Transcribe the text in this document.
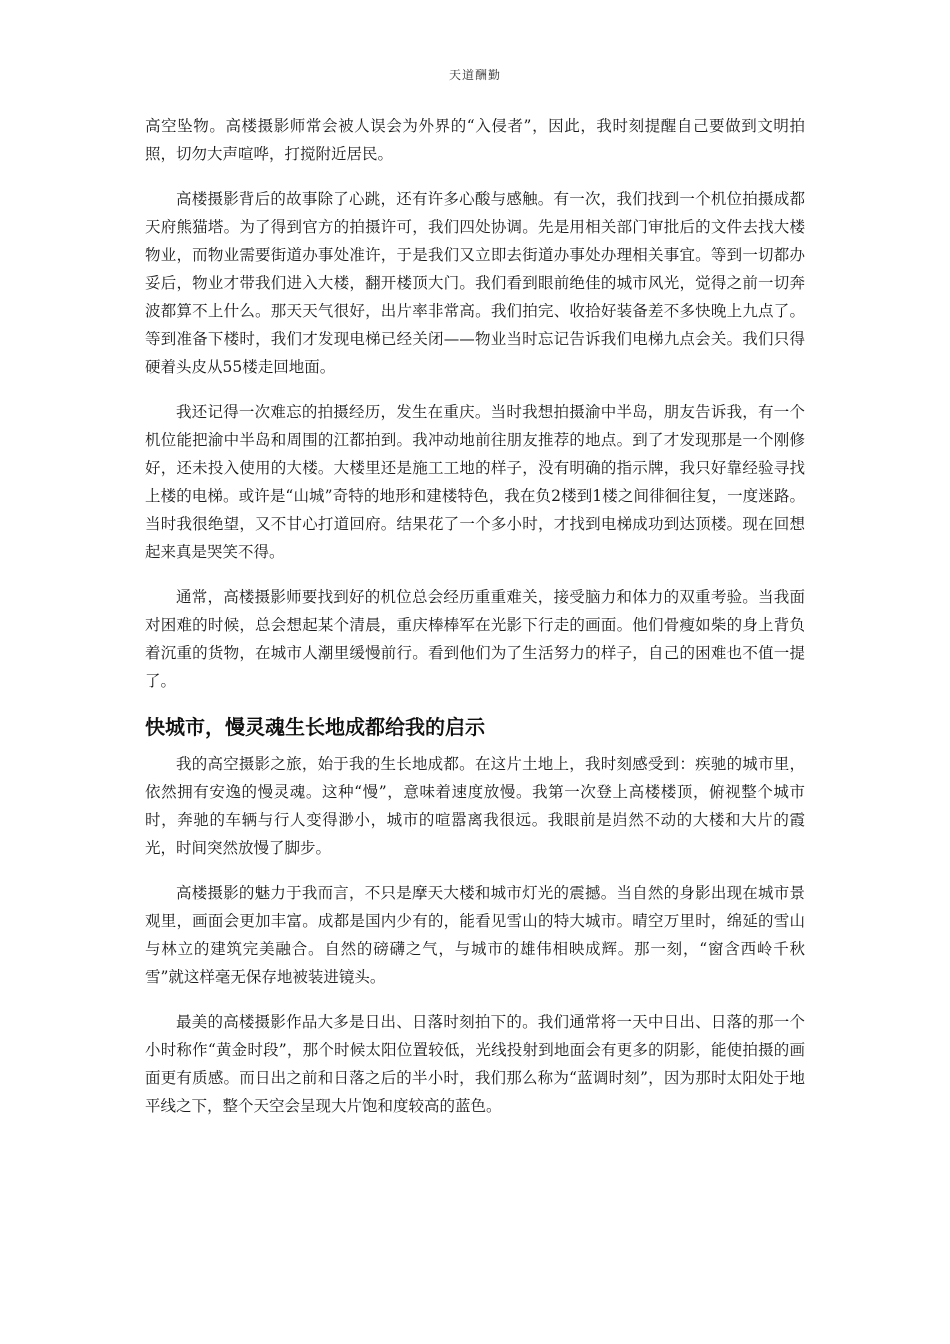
天道酬勤

高空坠物。高楼摄影师常会被人误会为外界的“入侵者”，因此，我时刻提醒自己要做到文明拍照，切勿大声喧哗，打搅附近居民。

高楼摄影背后的故事除了心跳，还有许多心酸与感触。有一次，我们找到一个机位拍摄成都天府熊猫塔。为了得到官方的拍摄许可，我们四处协调。先是用相关部门审批后的文件去找大楼物业，而物业需要街道办事处准许，于是我们又立即去街道办事处办理相关事宜。等到一切都办妥后，物业才带我们进入大楼，翻开楼顶大门。我们看到眼前绝佳的城市风光，觉得之前一切奔波都算不上什么。那天天气很好，出片率非常高。我们拍完、收拾好装备差不多快晚上九点了。等到准备下楼时，我们才发现电梯已经关闭——物业当时忘记告诉我们电梯九点会关。我们只得硬着头皮从55楼走回地面。

我还记得一次难忘的拍摄经历，发生在重庆。当时我想拍摄渝中半岛，朋友告诉我，有一个机位能把渝中半岛和周围的江都拍到。我冲动地前往朋友推荐的地点。到了才发现那是一个刚修好，还未投入使用的大楼。大楼里还是施工工地的样子，没有明确的指示牌，我只好靠经验寻找上楼的电梯。或许是“山城”奇特的地形和建楼特色，我在负2楼到1楼之间徘徊往复，一度迷路。当时我很绝望，又不甘心打道回府。结果花了一个多小时，才找到电梯成功到达顶楼。现在回想起来真是哭笑不得。

通常，高楼摄影师要找到好的机位总会经历重重难关，接受脑力和体力的双重考验。当我面对困难的时候，总会想起某个清晨，重庆棒棒军在光影下行走的画面。他们骨瘦如柴的身上背负着沉重的货物，在城市人潮里缓慢前行。看到他们为了生活努力的样子，自己的困难也不值一提了。

快城市，慢灵魂生长地成都给我的启示

我的高空摄影之旅，始于我的生长地成都。在这片土地上，我时刻感受到：疾驰的城市里，依然拥有安逸的慢灵魂。这种“慢”，意味着速度放慢。我第一次登上高楼楼顶，俯视整个城市时，奔驰的车辆与行人变得渺小，城市的喧嚣离我很远。我眼前是岿然不动的大楼和大片的霞光，时间突然放慢了脚步。

高楼摄影的魅力于我而言，不只是摩天大楼和城市灯光的震撼。当自然的身影出现在城市景观里，画面会更加丰富。成都是国内少有的，能看见雪山的特大城市。晴空万里时，绵延的雪山与林立的建筑完美融合。自然的磅礴之气，与城市的雄伟相映成辉。那一刻，“窗含西岭千秋雪”就这样毫无保存地被装进镜头。

最美的高楼摄影作品大多是日出、日落时刻拍下的。我们通常将一天中日出、日落的那一个小时称作“黄金时段”，那个时候太阳位置较低，光线投射到地面会有更多的阴影，能使拍摄的画面更有质感。而日出之前和日落之后的半小时，我们那么称为“蓝调时刻”，因为那时太阳处于地平线之下，整个天空会呈现大片饱和度较高的蓝色。
